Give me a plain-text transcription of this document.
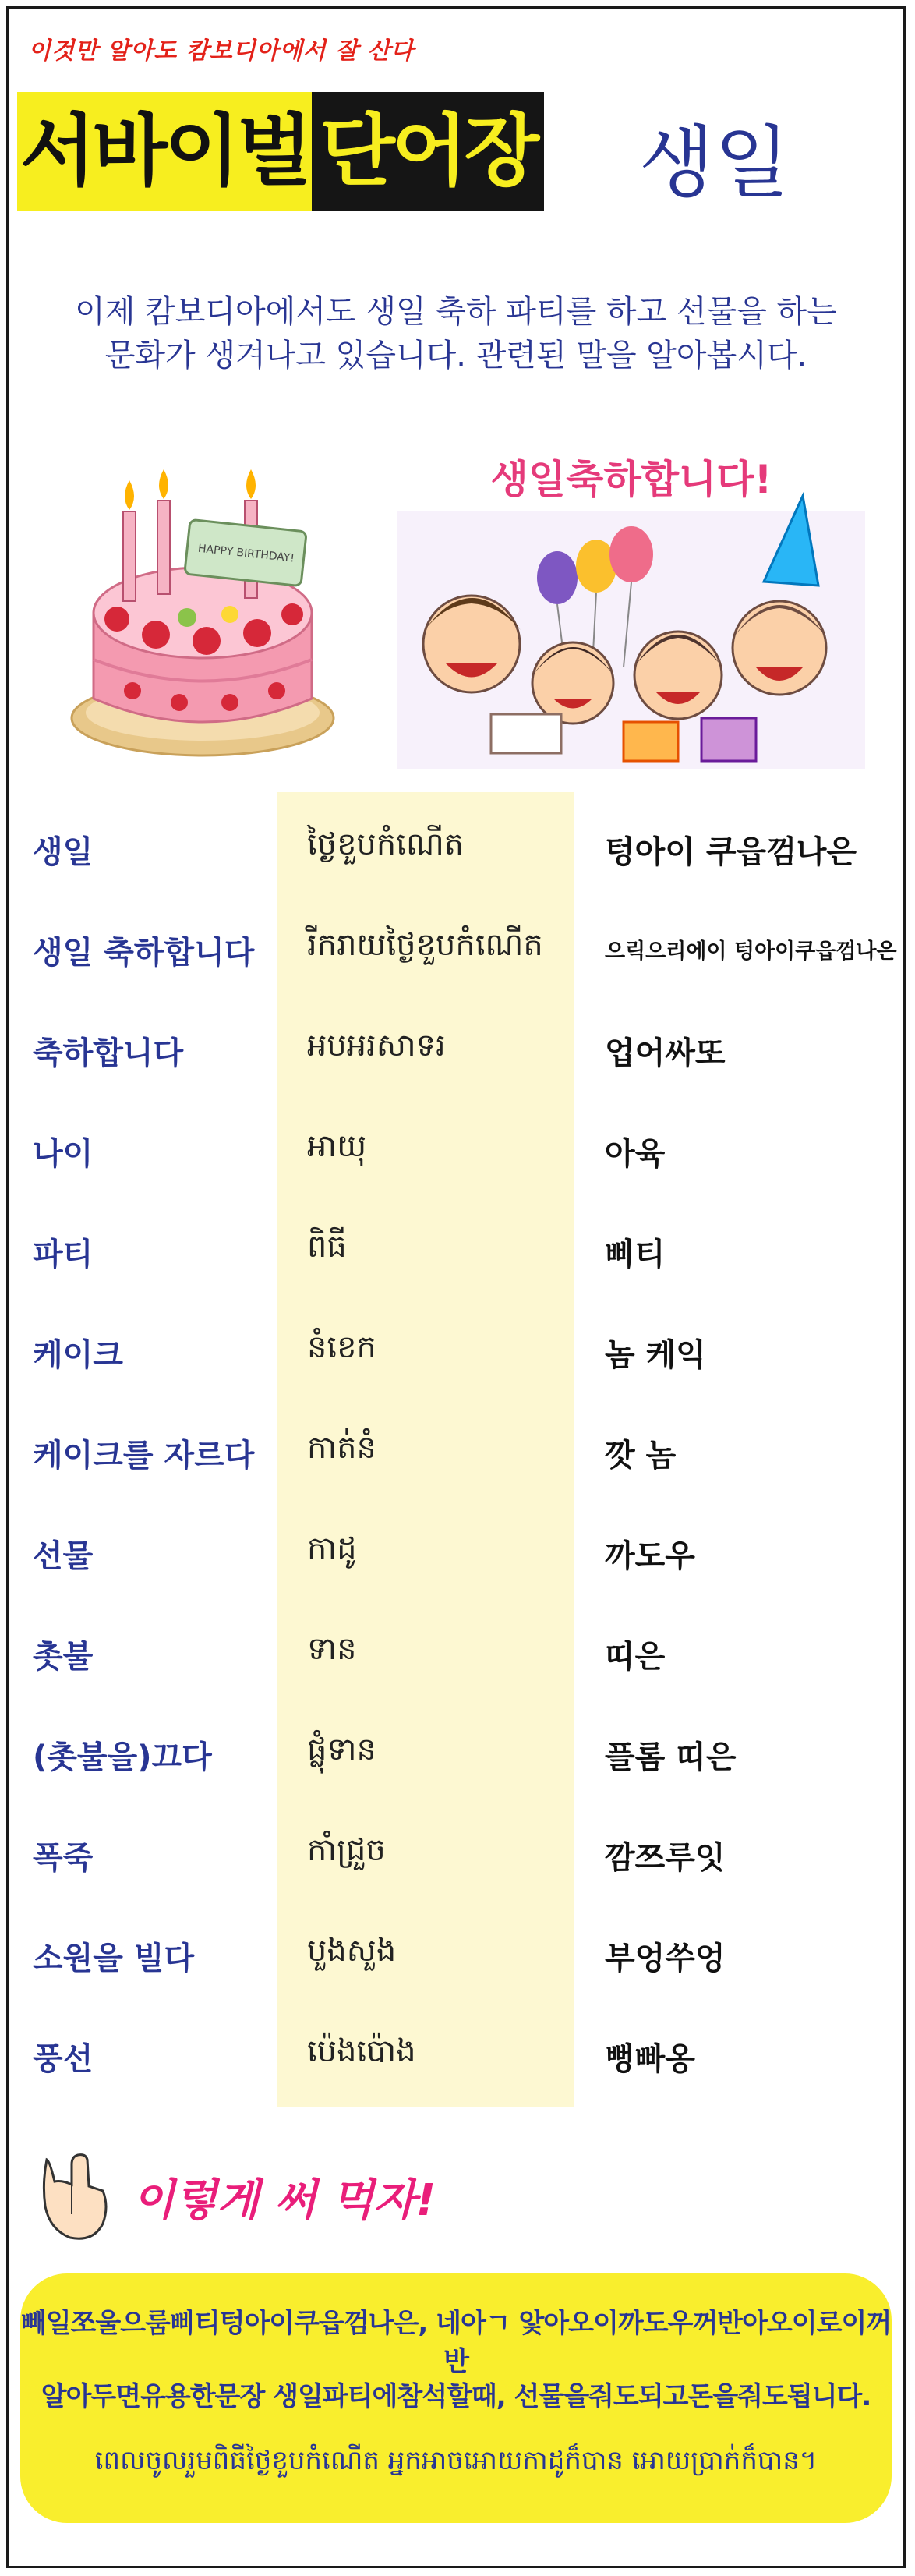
이것만 알아도 캄보디아에서 잘 산다
서바이벌 단어장 생일
이제 캄보디아에서도 생일 축하 파티를 하고 선물을 하는
문화가 생겨나고 있습니다. 관련된 말을 알아봅시다.
HAPPY BIRTHDAY!
생일축하합니다!
생일	ថ្ងៃខួបកំណើត	텅아이 쿠읍껌나은
생일 축하합니다 រីករាយថ្ងៃខួបកំណើត	으릭으리에이 텅아이쿠읍껌나은
축하합니다	អបអរសាទរ	업어싸또
나이	អាយុ	아육
파티	ពិធី	삐티
케이크	នំខេក	놈 케익
케이크를 자르다 កាត់នំ	깟 놈
선물	កាដូ	까도우
촛불	ទាន	띠은
(촛불을)끄다	ផ្លុំទាន	플롬 띠은
폭죽	កាំជ្រួច	깜쯔루잇
소원을 빌다	បួងសួង	부엉쑤엉
풍선	ប៉េងប៉ោង	뻥빠옹
이렇게 써 먹자!
빼일쪼울으룸삐티텅아이쿠읍껌나은, 네아ㄱ 앛아오이까도우꺼반아오이로이꺼반
알아두면유용한문장 생일파티에참석할때, 선물을줘도되고돈을줘도됩니다.
ពេលចូលរួមពិធីថ្ងៃខួបកំណើត អ្នកអាចអោយកាដូក៏បាន អោយប្រាក់ក៏បាន។
